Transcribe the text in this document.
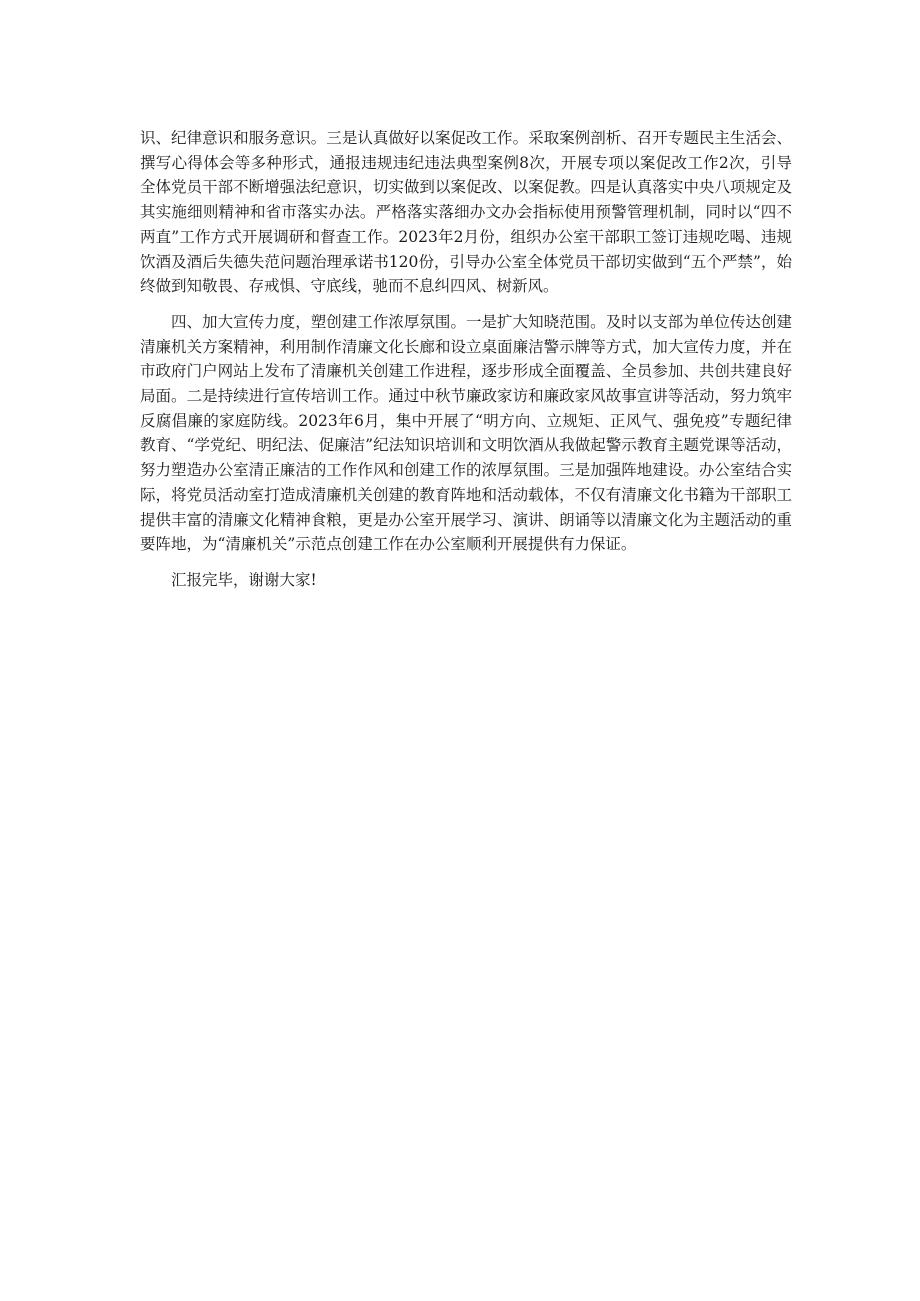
识、纪律意识和服务意识。三是认真做好以案促改工作。采取案例剖析、召开专题民主生活会、撰写心得体会等多种形式，通报违规违纪违法典型案例8次，开展专项以案促改工作2次，引导全体党员干部不断增强法纪意识，切实做到以案促改、以案促教。四是认真落实中央八项规定及其实施细则精神和省市落实办法。严格落实落细办文办会指标使用预警管理机制，同时以“四不两直”工作方式开展调研和督查工作。2023年2月份，组织办公室干部职工签订违规吃喝、违规饮酒及酒后失德失范问题治理承诺书120份，引导办公室全体党员干部切实做到“五个严禁”，始终做到知敬畏、存戒惧、守底线，驰而不息纠四风、树新风。

四、加大宣传力度，塑创建工作浓厚氛围。一是扩大知晓范围。及时以支部为单位传达创建清廉机关方案精神，利用制作清廉文化长廊和设立桌面廉洁警示牌等方式，加大宣传力度，并在市政府门户网站上发布了清廉机关创建工作进程，逐步形成全面覆盖、全员参加、共创共建良好局面。二是持续进行宣传培训工作。通过中秋节廉政家访和廉政家风故事宣讲等活动，努力筑牢反腐倡廉的家庭防线。2023年6月，集中开展了“明方向、立规矩、正风气、强免疫”专题纪律教育、“学党纪、明纪法、促廉洁”纪法知识培训和文明饮酒从我做起警示教育主题党课等活动，努力塑造办公室清正廉洁的工作作风和创建工作的浓厚氛围。三是加强阵地建设。办公室结合实际，将党员活动室打造成清廉机关创建的教育阵地和活动载体，不仅有清廉文化书籍为干部职工提供丰富的清廉文化精神食粮，更是办公室开展学习、演讲、朗诵等以清廉文化为主题活动的重要阵地，为“清廉机关”示范点创建工作在办公室顺利开展提供有力保证。

汇报完毕，谢谢大家!
